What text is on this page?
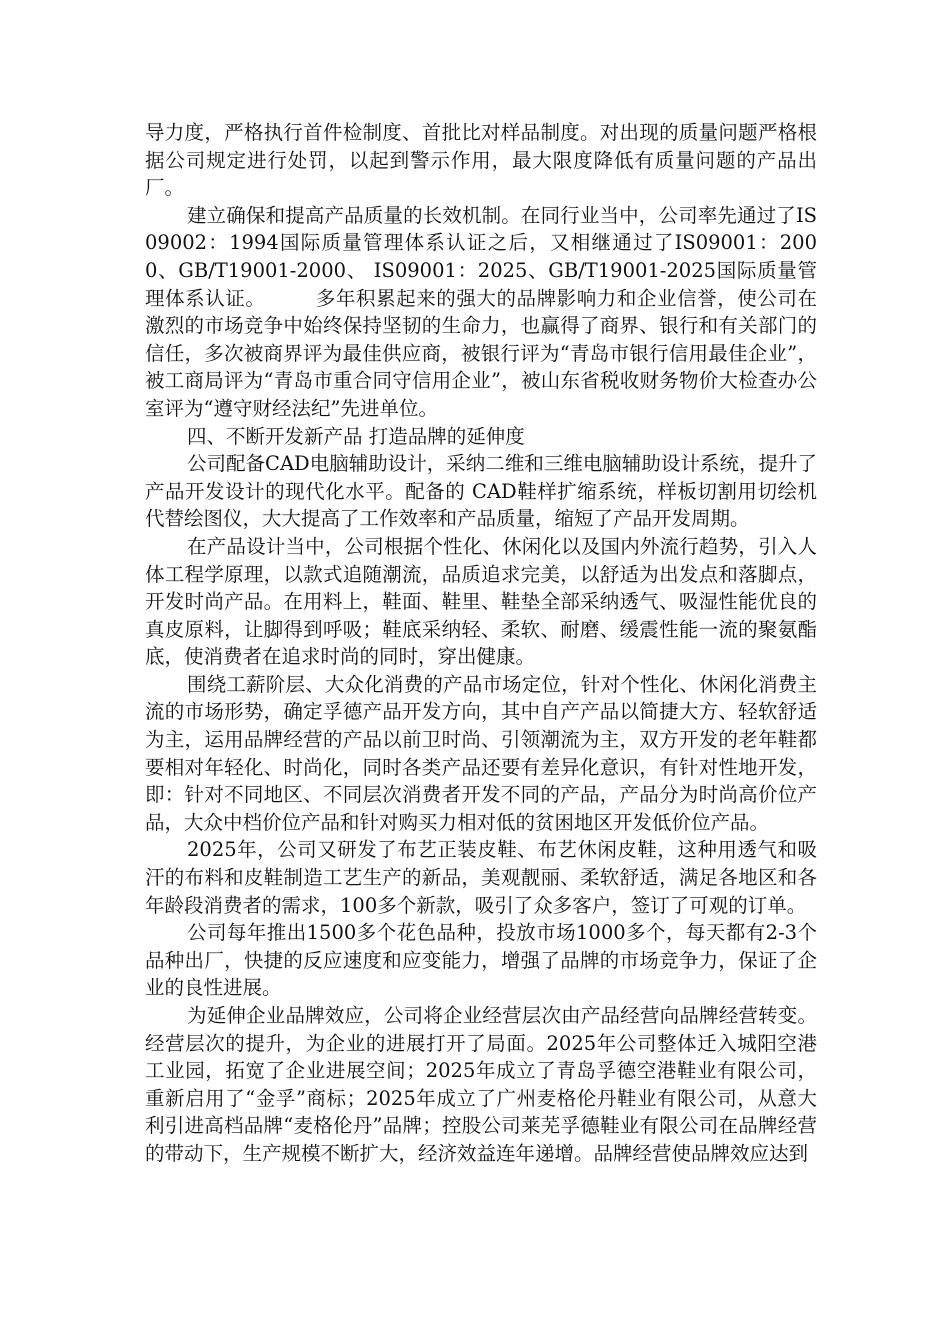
导力度，严格执行首件检制度、首批比对样品制度。对出现的质量问题严格根据公司规定进行处罚，以起到警示作用，最大限度降低有质量问题的产品出厂。

建立确保和提高产品质量的长效机制。在同行业当中，公司率先通过了IS09002：1994国际质量管理体系认证之后，又相继通过了IS09001：2000、GB/T19001-2000、 IS09001：2025、GB/T19001-2025国际质量管理体系认证。　　　多年积累起来的强大的品牌影响力和企业信誉，使公司在激烈的市场竞争中始终保持坚韧的生命力，也赢得了商界、银行和有关部门的信任，多次被商界评为最佳供应商，被银行评为“青岛市银行信用最佳企业”，被工商局评为“青岛市重合同守信用企业”，被山东省税收财务物价大检查办公室评为“遵守财经法纪”先进单位。

四、不断开发新产品 打造品牌的延伸度

公司配备CAD电脑辅助设计，采纳二维和三维电脑辅助设计系统，提升了产品开发设计的现代化水平。配备的 CAD鞋样扩缩系统，样板切割用切绘机代替绘图仪，大大提高了工作效率和产品质量，缩短了产品开发周期。

在产品设计当中，公司根据个性化、休闲化以及国内外流行趋势，引入人体工程学原理，以款式追随潮流，品质追求完美，以舒适为出发点和落脚点，开发时尚产品。在用料上，鞋面、鞋里、鞋垫全部采纳透气、吸湿性能优良的真皮原料，让脚得到呼吸；鞋底采纳轻、柔软、耐磨、缓震性能一流的聚氨酯底，使消费者在追求时尚的同时，穿出健康。

围绕工薪阶层、大众化消费的产品市场定位，针对个性化、休闲化消费主流的市场形势，确定孚德产品开发方向，其中自产产品以简捷大方、轻软舒适为主，运用品牌经营的产品以前卫时尚、引领潮流为主，双方开发的老年鞋都要相对年轻化、时尚化，同时各类产品还要有差异化意识，有针对性地开发，即：针对不同地区、不同层次消费者开发不同的产品，产品分为时尚高价位产品，大众中档价位产品和针对购买力相对低的贫困地区开发低价位产品。

2025年，公司又研发了布艺正装皮鞋、布艺休闲皮鞋，这种用透气和吸汗的布料和皮鞋制造工艺生产的新品，美观靓丽、柔软舒适，满足各地区和各年龄段消费者的需求，100多个新款，吸引了众多客户，签订了可观的订单。

公司每年推出1500多个花色品种，投放市场1000多个，每天都有2-3个品种出厂，快捷的反应速度和应变能力，增强了品牌的市场竞争力，保证了企业的良性进展。

为延伸企业品牌效应，公司将企业经营层次由产品经营向品牌经营转变。经营层次的提升，为企业的进展打开了局面。2025年公司整体迁入城阳空港工业园，拓宽了企业进展空间；2025年成立了青岛孚德空港鞋业有限公司，重新启用了“金孚”商标；2025年成立了广州麦格伦丹鞋业有限公司，从意大利引进高档品牌“麦格伦丹”品牌；控股公司莱芜孚德鞋业有限公司在品牌经营的带动下，生产规模不断扩大，经济效益连年递增。品牌经营使品牌效应达到
